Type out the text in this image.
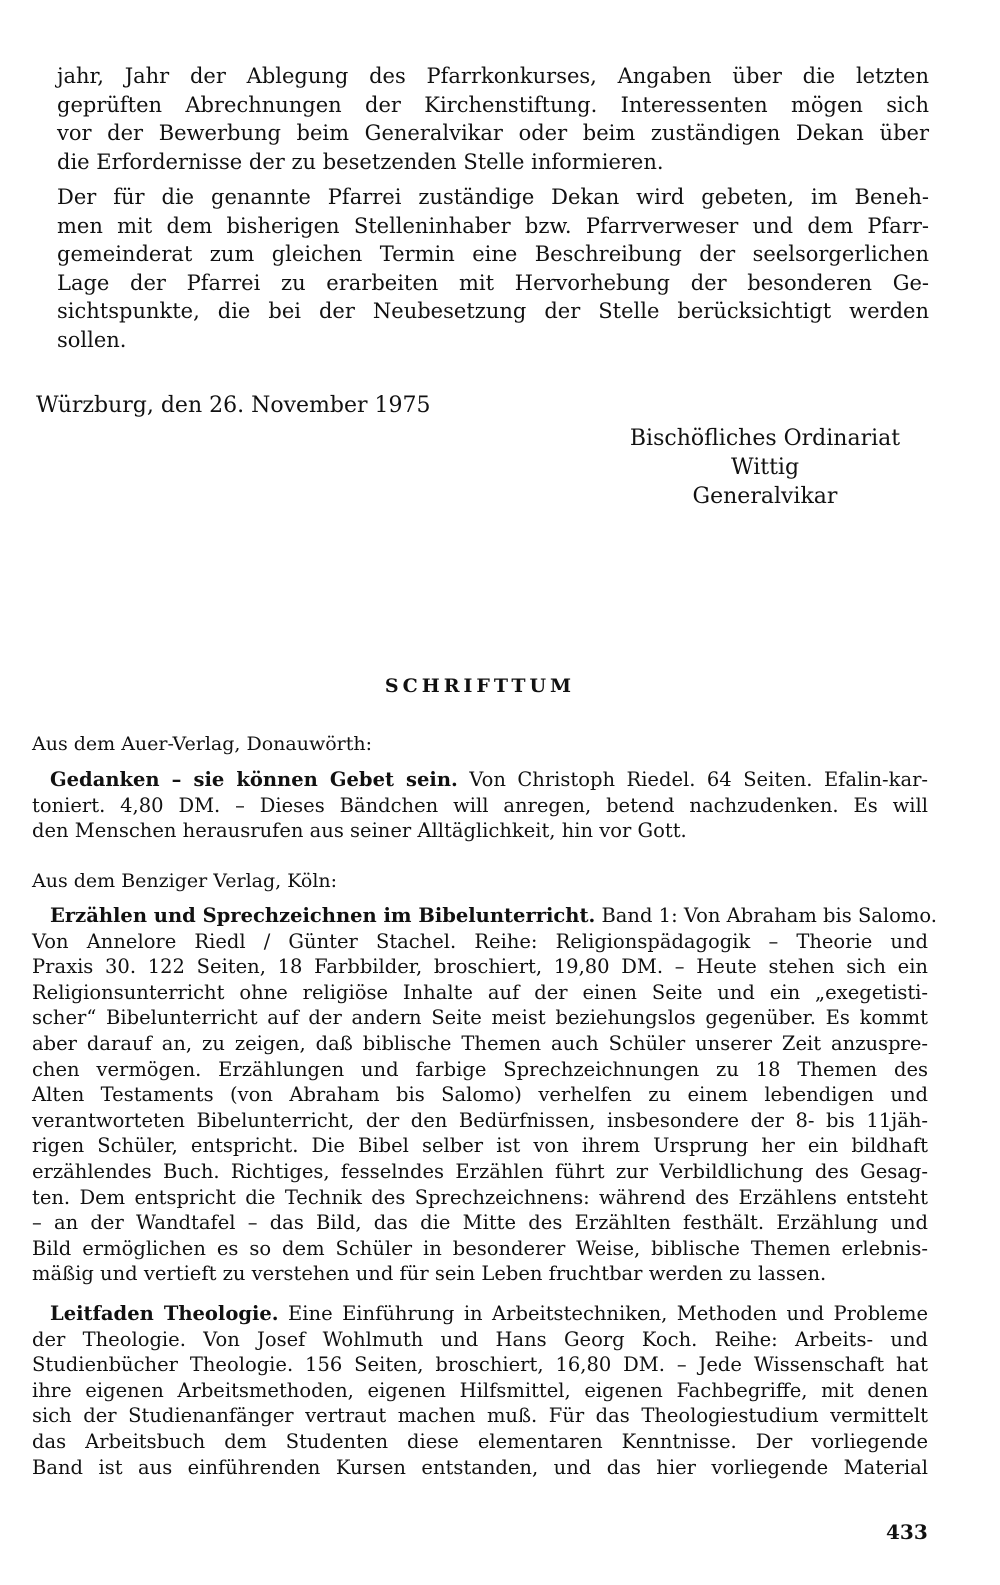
jahr, Jahr der Ablegung des Pfarrkonkurses, Angaben über die letzten
geprüften Abrechnungen der Kirchenstiftung. Interessenten mögen sich
vor der Bewerbung beim Generalvikar oder beim zuständigen Dekan über
die Erfordernisse der zu besetzenden Stelle informieren.
Der für die genannte Pfarrei zuständige Dekan wird gebeten, im Beneh-
men mit dem bisherigen Stelleninhaber bzw. Pfarrverweser und dem Pfarr-
gemeinderat zum gleichen Termin eine Beschreibung der seelsorgerlichen
Lage der Pfarrei zu erarbeiten mit Hervorhebung der besonderen Ge-
sichtspunkte, die bei der Neubesetzung der Stelle berücksichtigt werden
sollen.
Würzburg, den 26. November 1975
Bischöfliches Ordinariat
Wittig
Generalvikar
SCHRIFTTUM
Aus dem Auer-Verlag, Donauwörth:
Gedanken – sie können Gebet sein. Von Christoph Riedel. 64 Seiten. Efalin-kar-
toniert. 4,80 DM. – Dieses Bändchen will anregen, betend nachzudenken. Es will
den Menschen herausrufen aus seiner Alltäglichkeit, hin vor Gott.
Aus dem Benziger Verlag, Köln:
Erzählen und Sprechzeichnen im Bibelunterricht. Band 1: Von Abraham bis Salomo.
Von Annelore Riedl / Günter Stachel. Reihe: Religionspädagogik – Theorie und
Praxis 30. 122 Seiten, 18 Farbbilder, broschiert, 19,80 DM. – Heute stehen sich ein
Religionsunterricht ohne religiöse Inhalte auf der einen Seite und ein „exegetisti-
scher“ Bibelunterricht auf der andern Seite meist beziehungslos gegenüber. Es kommt
aber darauf an, zu zeigen, daß biblische Themen auch Schüler unserer Zeit anzuspre-
chen vermögen. Erzählungen und farbige Sprechzeichnungen zu 18 Themen des
Alten Testaments (von Abraham bis Salomo) verhelfen zu einem lebendigen und
verantworteten Bibelunterricht, der den Bedürfnissen, insbesondere der 8- bis 11jäh-
rigen Schüler, entspricht. Die Bibel selber ist von ihrem Ursprung her ein bildhaft
erzählendes Buch. Richtiges, fesselndes Erzählen führt zur Verbildlichung des Gesag-
ten. Dem entspricht die Technik des Sprechzeichnens: während des Erzählens entsteht
– an der Wandtafel – das Bild, das die Mitte des Erzählten festhält. Erzählung und
Bild ermöglichen es so dem Schüler in besonderer Weise, biblische Themen erlebnis-
mäßig und vertieft zu verstehen und für sein Leben fruchtbar werden zu lassen.
Leitfaden Theologie. Eine Einführung in Arbeitstechniken, Methoden und Probleme
der Theologie. Von Josef Wohlmuth und Hans Georg Koch. Reihe: Arbeits- und
Studienbücher Theologie. 156 Seiten, broschiert, 16,80 DM. – Jede Wissenschaft hat
ihre eigenen Arbeitsmethoden, eigenen Hilfsmittel, eigenen Fachbegriffe, mit denen
sich der Studienanfänger vertraut machen muß. Für das Theologiestudium vermittelt
das Arbeitsbuch dem Studenten diese elementaren Kenntnisse. Der vorliegende
Band ist aus einführenden Kursen entstanden, und das hier vorliegende Material
433
